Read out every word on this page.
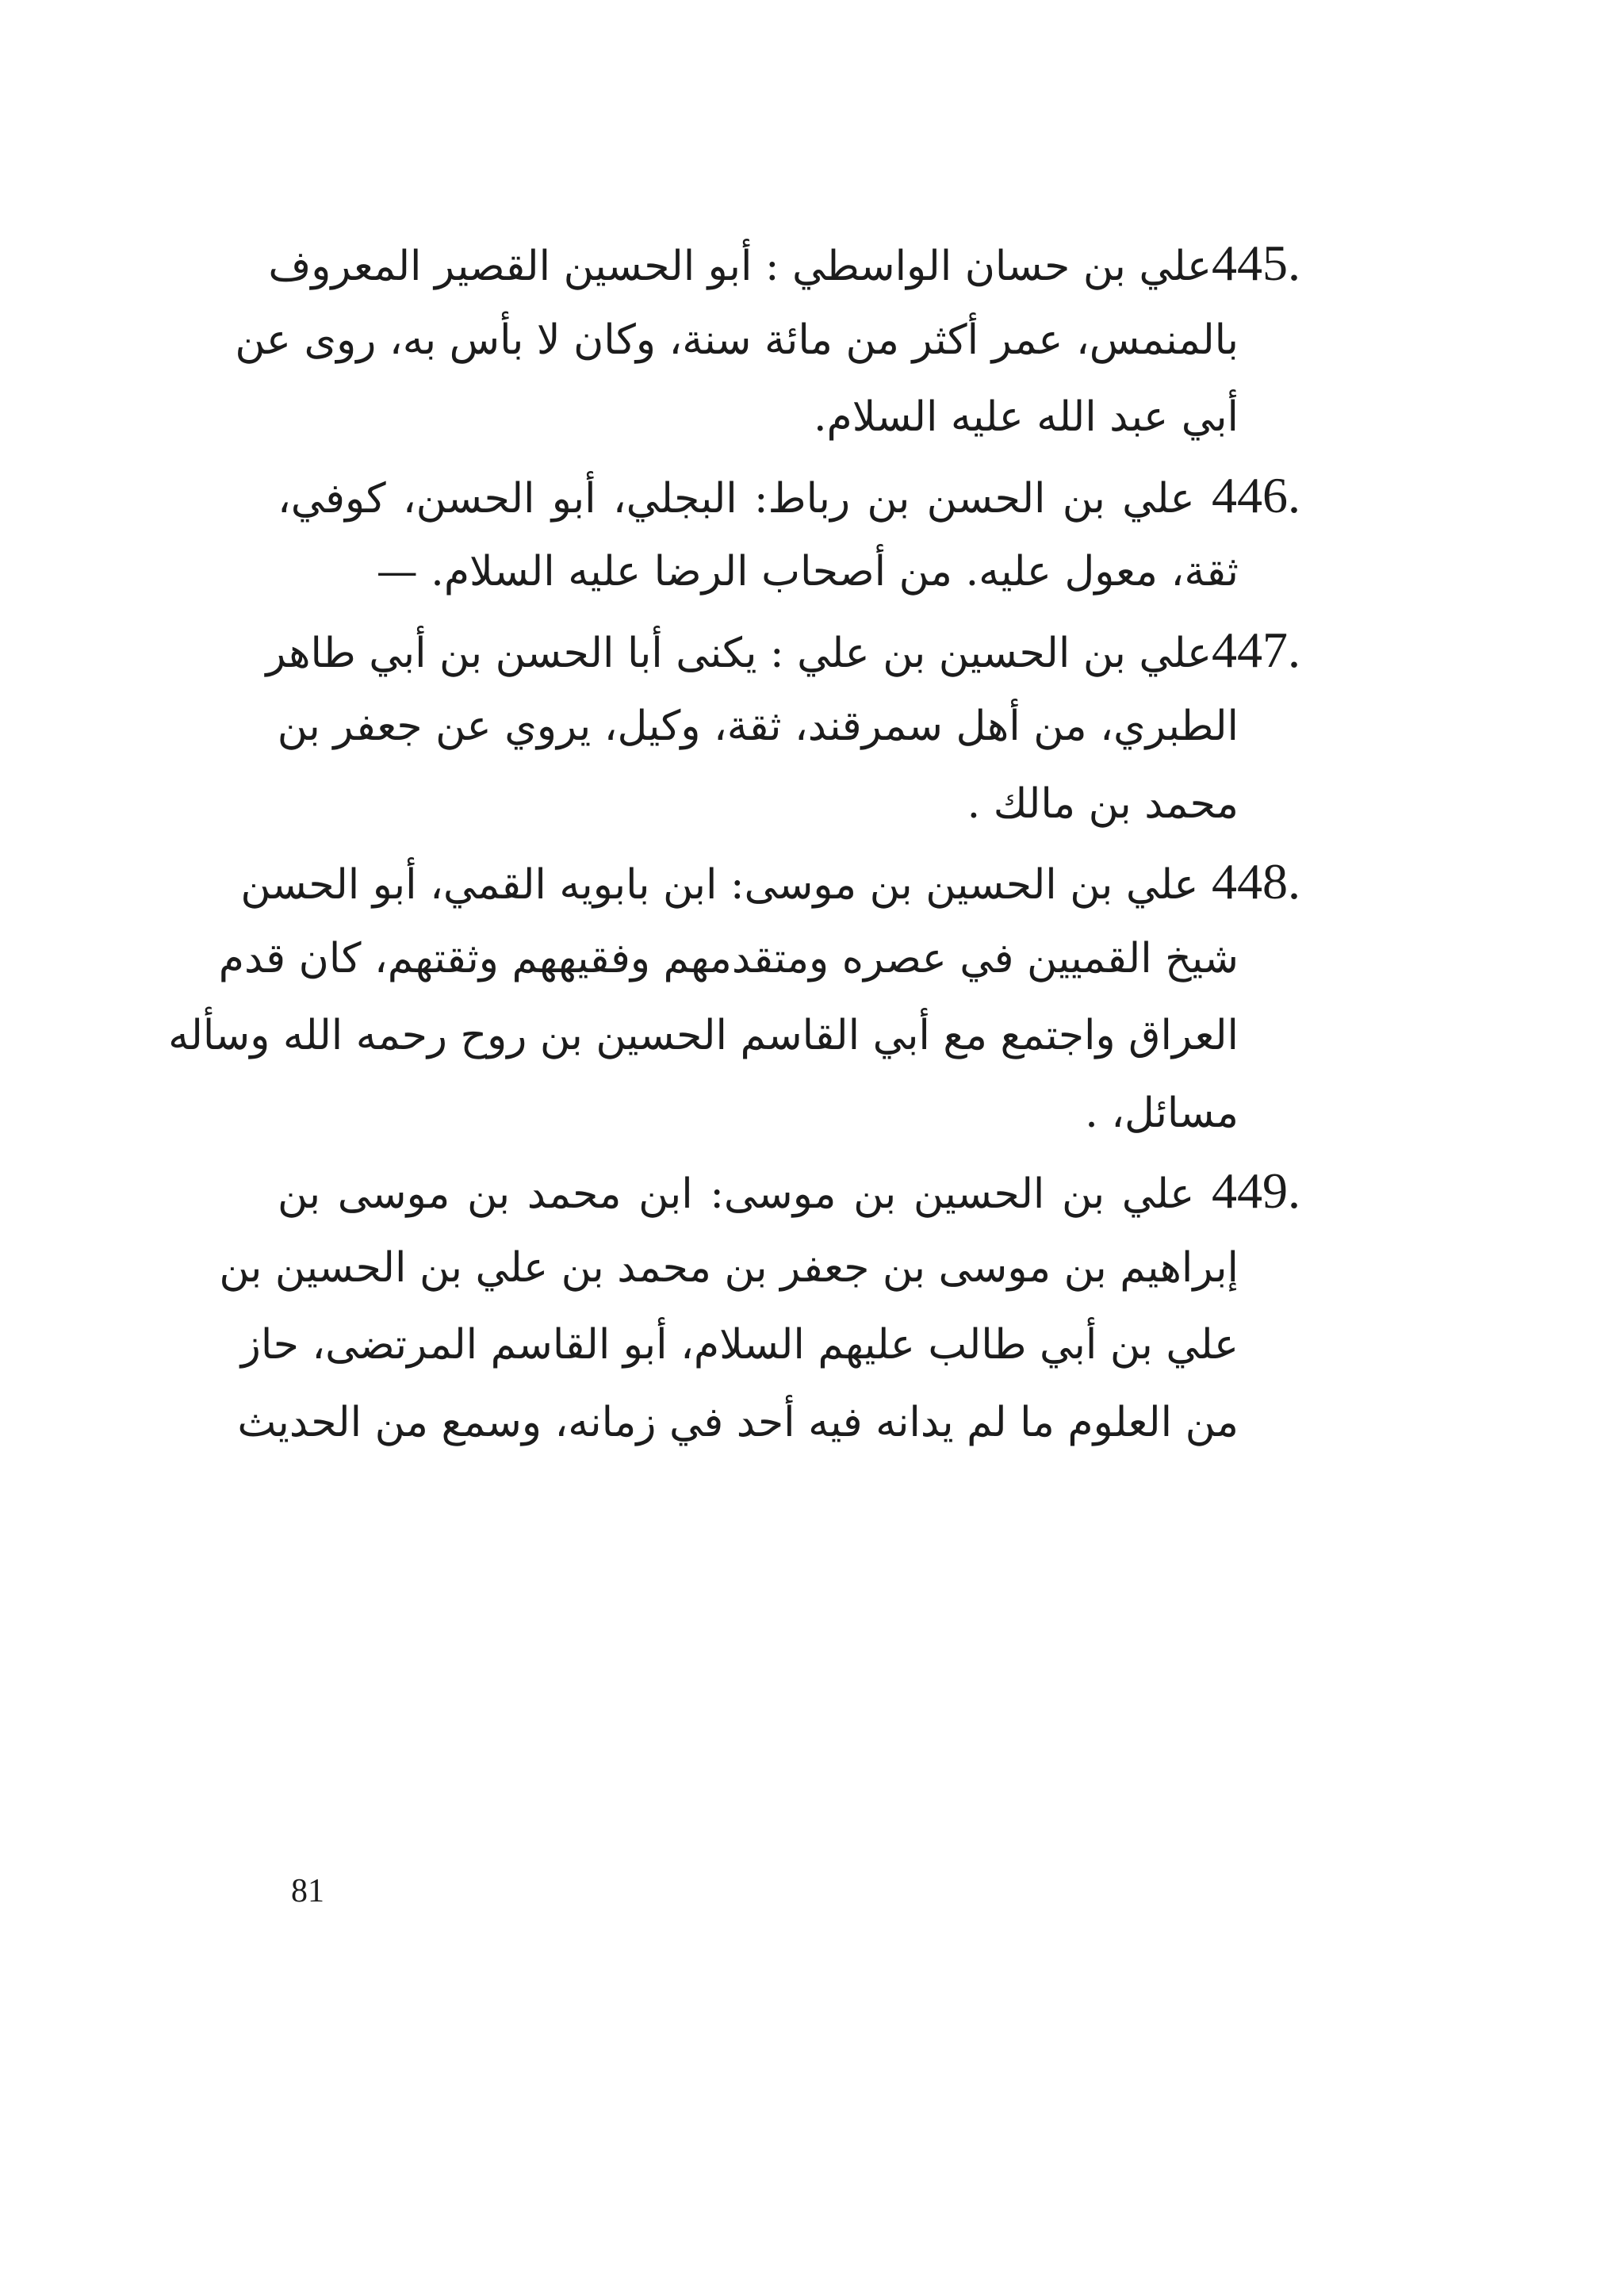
445.علي بن حسان الواسطي : أبو الحسين القصير المعروف
بالمنمس، عمر أكثر من مائة سنة، وكان لا بأس به، روى عن
أبي عبد الله عليه السلام.
446. علي بن الحسن بن رباط: البجلي، أبو الحسن، كوفي،
ثقة، معول عليه. من أصحاب الرضا عليه السلام. —
447.علي بن الحسين بن علي : يكنى أبا الحسن بن أبي طاهر
الطبري، من أهل سمرقند، ثقة، وكيل، يروي عن جعفر بن
محمد بن مالك .
448. علي بن الحسين بن موسى: ابن بابويه القمي، أبو الحسن
شيخ القميين في عصره ومتقدمهم وفقيههم وثقتهم، كان قدم
العراق واجتمع مع أبي القاسم الحسين بن روح رحمه الله وسأله
مسائل، .
449. علي بن الحسين بن موسى: ابن محمد بن موسى بن
إبراهيم بن موسى بن جعفر بن محمد بن علي بن الحسين بن
علي بن أبي طالب عليهم السلام، أبو القاسم المرتضى، حاز
من العلوم ما لم يدانه فيه أحد في زمانه، وسمع من الحديث
81
